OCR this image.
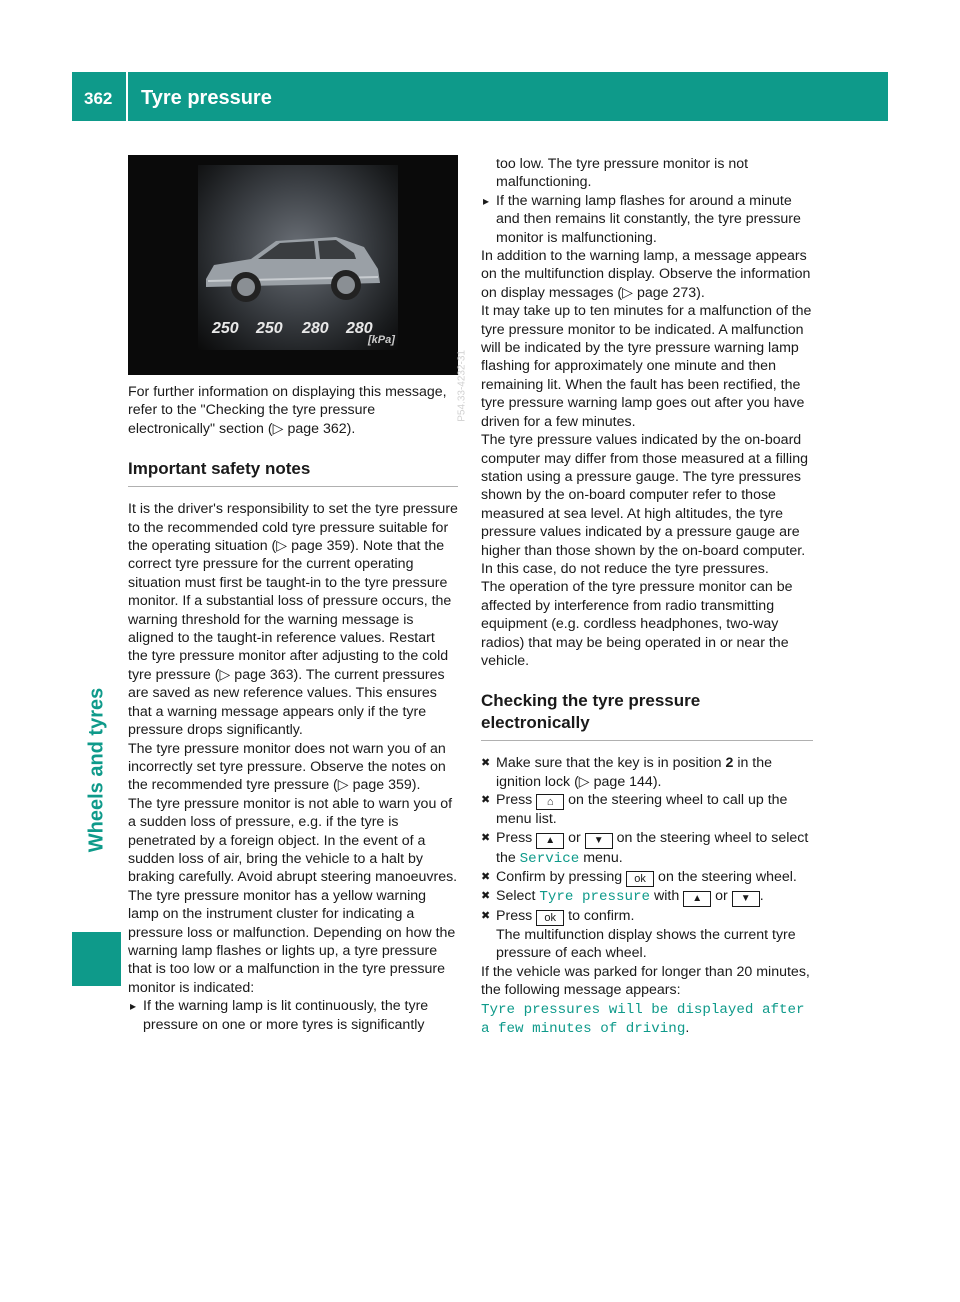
362 Tyre pressure
Wheels and tyres
250 250 280 280
[kPa]
P54.33-4232-31

For further information on displaying this message, refer to the "Checking the tyre pressure electronically" section (▷ page 362).

Important safety notes

It is the driver's responsibility to set the tyre pressure to the recommended cold tyre pressure suitable for the operating situation (▷ page 359). Note that the correct tyre pressure for the current operating situation must first be taught-in to the tyre pressure monitor. If a substantial loss of pressure occurs, the warning threshold for the warning message is aligned to the taught-in reference values. Restart the tyre pressure monitor after adjusting to the cold tyre pressure (▷ page 363). The current pressures are saved as new reference values. This ensures that a warning message appears only if the tyre pressure drops significantly.

The tyre pressure monitor does not warn you of an incorrectly set tyre pressure. Observe the notes on the recommended tyre pressure (▷ page 359).

The tyre pressure monitor is not able to warn you of a sudden loss of pressure, e.g. if the tyre is penetrated by a foreign object. In the event of a sudden loss of air, bring the vehicle to a halt by braking carefully. Avoid abrupt steering manoeuvres.

The tyre pressure monitor has a yellow warning lamp on the instrument cluster for indicating a pressure loss or malfunction. Depending on how the warning lamp flashes or lights up, a tyre pressure that is too low or a malfunction in the tyre pressure monitor is indicated:

▸ If the warning lamp is lit continuously, the tyre pressure on one or more tyres is significantly
too low. The tyre pressure monitor is not malfunctioning.
▸ If the warning lamp flashes for around a minute and then remains lit constantly, the tyre pressure monitor is malfunctioning.

In addition to the warning lamp, a message appears on the multifunction display. Observe the information on display messages (▷ page 273).

It may take up to ten minutes for a malfunction of the tyre pressure monitor to be indicated. A malfunction will be indicated by the tyre pressure warning lamp flashing for approximately one minute and then remaining lit. When the fault has been rectified, the tyre pressure warning lamp goes out after you have driven for a few minutes.

The tyre pressure values indicated by the on-board computer may differ from those measured at a filling station using a pressure gauge. The tyre pressures shown by the on-board computer refer to those measured at sea level. At high altitudes, the tyre pressure values indicated by a pressure gauge are higher than those shown by the on-board computer. In this case, do not reduce the tyre pressures.

The operation of the tyre pressure monitor can be affected by interference from radio transmitting equipment (e.g. cordless headphones, two-way radios) that may be being operated in or near the vehicle.

Checking the tyre pressure electronically
✖ Make sure that the key is in position 2 in the ignition lock (▷ page 144).
✖ Press ⌂ on the steering wheel to call up the menu list.
✖ Press ▲ or ▼ on the steering wheel to select the Service menu.
✖ Confirm by pressing ok on the steering wheel.
✖ Select Tyre pressure with ▲ or ▼ .
✖ Press ok to confirm.
The multifunction display shows the current tyre pressure of each wheel.

If the vehicle was parked for longer than 20 minutes, the following message appears:

Tyre pressures will be displayed after a few minutes of driving.
